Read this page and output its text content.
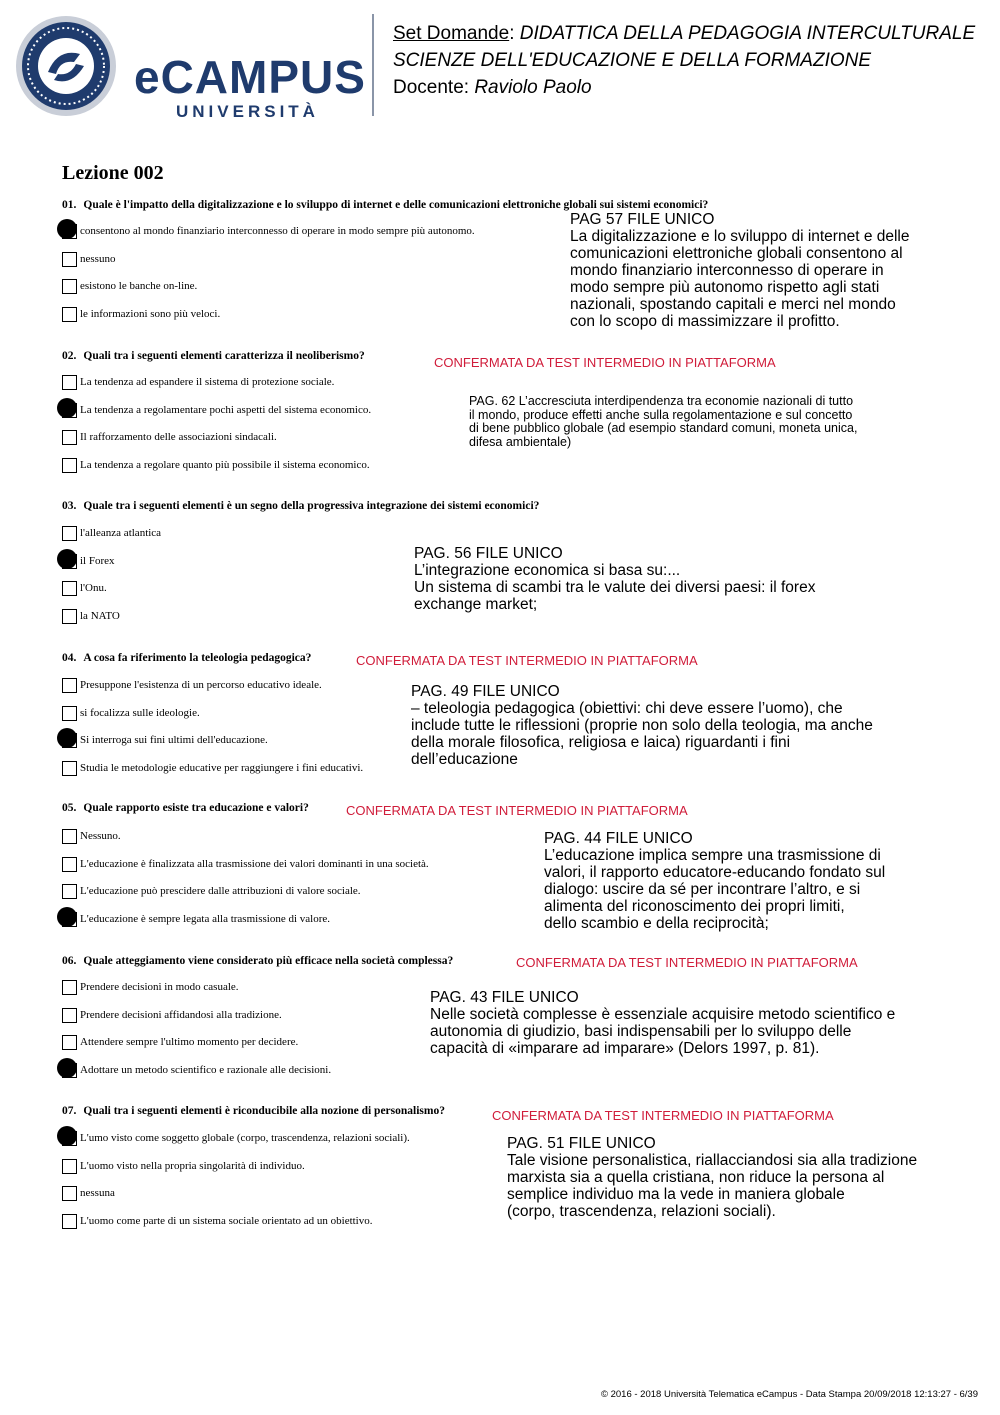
eCAMPUS
UNIVERSITÀ
Set Domande: DIDATTICA DELLA PEDAGOGIA INTERCULTURALE
SCIENZE DELL'EDUCAZIONE E DELLA FORMAZIONE
Docente: Raviolo Paolo
Lezione 002
01. Quale è l'impatto della digitalizzazione e lo sviluppo di internet e delle comunicazioni elettroniche globali sui sistemi economici?
consentono al mondo finanziario interconnesso di operare in modo sempre più autonomo.
nessuno
esistono le banche on-line.
le informazioni sono più veloci.
PAG 57 FILE UNICO
La digitalizzazione e lo sviluppo di internet e delle
comunicazioni elettroniche globali consentono al
mondo finanziario interconnesso di operare in
modo sempre più autonomo rispetto agli stati
nazionali, spostando capitali e merci nel mondo
con lo scopo di massimizzare il profitto.
02. Quali tra i seguenti elementi caratterizza il neoliberismo?
La tendenza ad espandere il sistema di protezione sociale.
La tendenza a regolamentare pochi aspetti del sistema economico.
Il rafforzamento delle associazioni sindacali.
La tendenza a regolare quanto più possibile il sistema economico.
CONFERMATA DA TEST INTERMEDIO IN PIATTAFORMA
PAG. 62 L’accresciuta interdipendenza tra economie nazionali di tutto
il mondo, produce effetti anche sulla regolamentazione e sul concetto
di bene pubblico globale (ad esempio standard comuni, moneta unica,
difesa ambientale)
03. Quale tra i seguenti elementi è un segno della progressiva integrazione dei sistemi economici?
l'alleanza atlantica
il Forex
l'Onu.
la NATO
PAG. 56 FILE UNICO
L’integrazione economica si basa su:...
Un sistema di scambi tra le valute dei diversi paesi: il forex
exchange market;
04. A cosa fa riferimento la teleologia pedagogica?
Presuppone l'esistenza di un percorso educativo ideale.
si focalizza sulle ideologie.
Si interroga sui fini ultimi dell'educazione.
Studia le metodologie educative per raggiungere i fini educativi.
CONFERMATA DA TEST INTERMEDIO IN PIATTAFORMA
PAG. 49 FILE UNICO
– teleologia pedagogica (obiettivi: chi deve essere l’uomo), che
include tutte le riflessioni (proprie non solo della teologia, ma anche
della morale filosofica, religiosa e laica) riguardanti i fini
dell’educazione
05. Quale rapporto esiste tra educazione e valori?
Nessuno.
L'educazione è finalizzata alla trasmissione dei valori dominanti in una società.
L'educazione può prescidere dalle attribuzioni di valore sociale.
L'educazione è sempre legata alla trasmissione di valore.
CONFERMATA DA TEST INTERMEDIO IN PIATTAFORMA
PAG. 44 FILE UNICO
L’educazione implica sempre una trasmissione di
valori, il rapporto educatore-educando fondato sul
dialogo: uscire da sé per incontrare l’altro, e si
alimenta del riconoscimento dei propri limiti,
dello scambio e della reciprocità;
06. Quale atteggiamento viene considerato più efficace nella società complessa?
Prendere decisioni in modo casuale.
Prendere decisioni affidandosi alla tradizione.
Attendere sempre l'ultimo momento per decidere.
Adottare un metodo scientifico e razionale alle decisioni.
CONFERMATA DA TEST INTERMEDIO IN PIATTAFORMA
PAG. 43 FILE UNICO
Nelle società complesse è essenziale acquisire metodo scientifico e
autonomia di giudizio, basi indispensabili per lo sviluppo delle
capacità di «imparare ad imparare» (Delors 1997, p. 81).
07. Quali tra i seguenti elementi è riconducibile alla nozione di personalismo?
L'umo visto come soggetto globale (corpo, trascendenza, relazioni sociali).
L'uomo visto nella propria singolarità di individuo.
nessuna
L'uomo come parte di un sistema sociale orientato ad un obiettivo.
CONFERMATA DA TEST INTERMEDIO IN PIATTAFORMA
PAG. 51 FILE UNICO
Tale visione personalistica, riallacciandosi sia alla tradizione
marxista sia a quella cristiana, non riduce la persona al
semplice individuo ma la vede in maniera globale
(corpo, trascendenza, relazioni sociali).
© 2016 - 2018 Università Telematica eCampus - Data Stampa 20/09/2018 12:13:27 - 6/39
